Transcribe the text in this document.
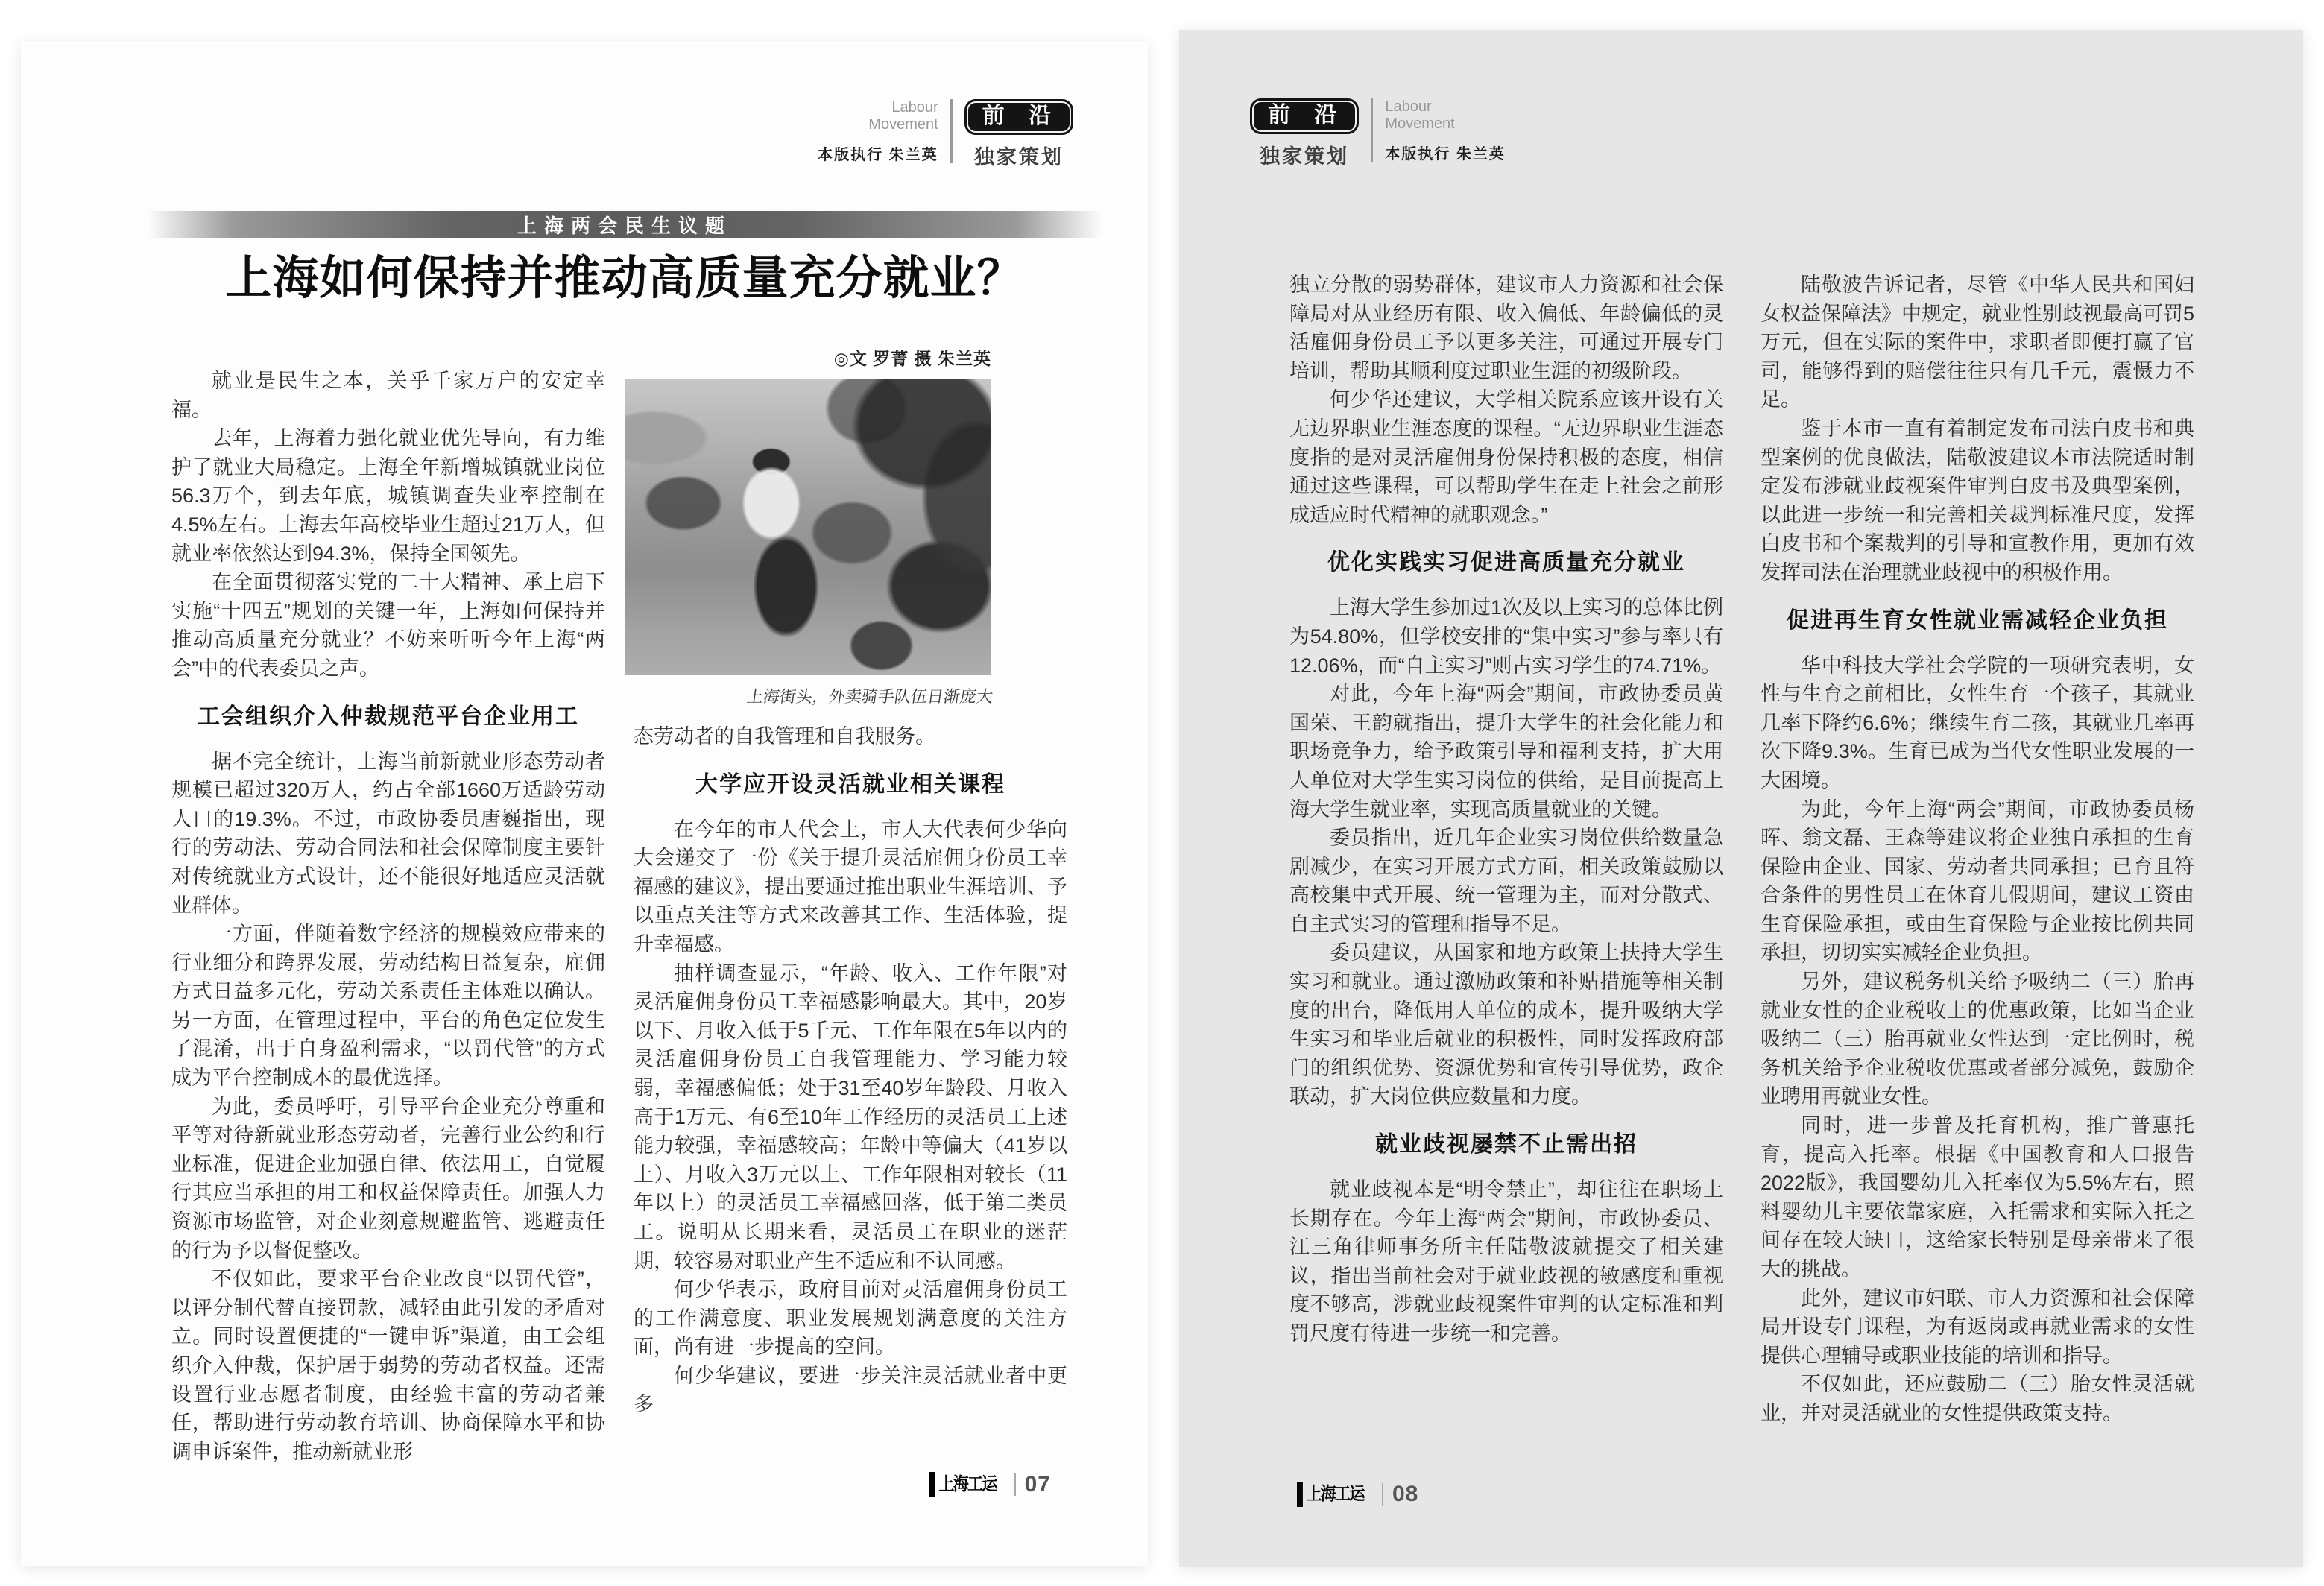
Labour
Movement
本版执行 朱兰英
前 沿
独家策划
上海两会民生议题
上海如何保持并推动高质量充分就业？

就业是民生之本，关乎千家万户的安定幸福。

去年，上海着力强化就业优先导向，有力维护了就业大局稳定。上海全年新增城镇就业岗位56.3万个，到去年底，城镇调查失业率控制在4.5%左右。上海去年高校毕业生超过21万人，但就业率依然达到94.3%，保持全国领先。

在全面贯彻落实党的二十大精神、承上启下实施“十四五”规划的关键一年，上海如何保持并推动高质量充分就业？不妨来听听今年上海“两会”中的代表委员之声。

工会组织介入仲裁规范平台企业用工

据不完全统计，上海当前新就业形态劳动者规模已超过320万人，约占全部1660万适龄劳动人口的19.3%。不过，市政协委员唐巍指出，现行的劳动法、劳动合同法和社会保障制度主要针对传统就业方式设计，还不能很好地适应灵活就业群体。

一方面，伴随着数字经济的规模效应带来的行业细分和跨界发展，劳动结构日益复杂，雇佣方式日益多元化，劳动关系责任主体难以确认。另一方面，在管理过程中，平台的角色定位发生了混淆，出于自身盈利需求，“以罚代管”的方式成为平台控制成本的最优选择。

为此，委员呼吁，引导平台企业充分尊重和平等对待新就业形态劳动者，完善行业公约和行业标准，促进企业加强自律、依法用工，自觉履行其应当承担的用工和权益保障责任。加强人力资源市场监管，对企业刻意规避监管、逃避责任的行为予以督促整改。

不仅如此，要求平台企业改良“以罚代管”，以评分制代替直接罚款，减轻由此引发的矛盾对立。同时设置便捷的“一键申诉”渠道，由工会组织介入仲裁，保护居于弱势的劳动者权益。还需设置行业志愿者制度，由经验丰富的劳动者兼任，帮助进行劳动教育培训、协商保障水平和协调申诉案件，推动新就业形

◎文 罗菁 摄 朱兰英
上海街头，外卖骑手队伍日渐庞大

态劳动者的自我管理和自我服务。

大学应开设灵活就业相关课程

在今年的市人代会上，市人大代表何少华向大会递交了一份《关于提升灵活雇佣身份员工幸福感的建议》，提出要通过推出职业生涯培训、予以重点关注等方式来改善其工作、生活体验，提升幸福感。

抽样调查显示，“年龄、收入、工作年限”对灵活雇佣身份员工幸福感影响最大。其中，20岁以下、月收入低于5千元、工作年限在5年以内的灵活雇佣身份员工自我管理能力、学习能力较弱，幸福感偏低；处于31至40岁年龄段、月收入高于1万元、有6至10年工作经历的灵活员工上述能力较强，幸福感较高；年龄中等偏大（41岁以上）、月收入3万元以上、工作年限相对较长（11年以上）的灵活员工幸福感回落，低于第二类员工。说明从长期来看，灵活员工在职业的迷茫期，较容易对职业产生不适应和不认同感。

何少华表示，政府目前对灵活雇佣身份员工的工作满意度、职业发展规划满意度的关注方面，尚有进一步提高的空间。

何少华建议，要进一步关注灵活就业者中更多

上海工运 07
前 沿
独家策划
Labour
Movement
本版执行 朱兰英

独立分散的弱势群体，建议市人力资源和社会保障局对从业经历有限、收入偏低、年龄偏低的灵活雇佣身份员工予以更多关注，可通过开展专门培训，帮助其顺利度过职业生涯的初级阶段。

何少华还建议，大学相关院系应该开设有关无边界职业生涯态度的课程。“无边界职业生涯态度指的是对灵活雇佣身份保持积极的态度，相信通过这些课程，可以帮助学生在走上社会之前形成适应时代精神的就职观念。”

优化实践实习促进高质量充分就业

上海大学生参加过1次及以上实习的总体比例为54.80%，但学校安排的“集中实习”参与率只有12.06%，而“自主实习”则占实习学生的74.71%。

对此，今年上海“两会”期间，市政协委员黄国荣、王韵就指出，提升大学生的社会化能力和职场竞争力，给予政策引导和福利支持，扩大用人单位对大学生实习岗位的供给，是目前提高上海大学生就业率，实现高质量就业的关键。

委员指出，近几年企业实习岗位供给数量急剧减少，在实习开展方式方面，相关政策鼓励以高校集中式开展、统一管理为主，而对分散式、自主式实习的管理和指导不足。

委员建议，从国家和地方政策上扶持大学生实习和就业。通过激励政策和补贴措施等相关制度的出台，降低用人单位的成本，提升吸纳大学生实习和毕业后就业的积极性，同时发挥政府部门的组织优势、资源优势和宣传引导优势，政企联动，扩大岗位供应数量和力度。

就业歧视屡禁不止需出招

就业歧视本是“明令禁止”，却往往在职场上长期存在。今年上海“两会”期间，市政协委员、江三角律师事务所主任陆敬波就提交了相关建议，指出当前社会对于就业歧视的敏感度和重视度不够高，涉就业歧视案件审判的认定标准和判罚尺度有待进一步统一和完善。

陆敬波告诉记者，尽管《中华人民共和国妇女权益保障法》中规定，就业性别歧视最高可罚5万元，但在实际的案件中，求职者即便打赢了官司，能够得到的赔偿往往只有几千元，震慑力不足。

鉴于本市一直有着制定发布司法白皮书和典型案例的优良做法，陆敬波建议本市法院适时制定发布涉就业歧视案件审判白皮书及典型案例，以此进一步统一和完善相关裁判标准尺度，发挥白皮书和个案裁判的引导和宣教作用，更加有效发挥司法在治理就业歧视中的积极作用。

促进再生育女性就业需减轻企业负担

华中科技大学社会学院的一项研究表明，女性与生育之前相比，女性生育一个孩子，其就业几率下降约6.6%；继续生育二孩，其就业几率再次下降9.3%。生育已成为当代女性职业发展的一大困境。

为此，今年上海“两会”期间，市政协委员杨晖、翁文磊、王森等建议将企业独自承担的生育保险由企业、国家、劳动者共同承担；已育且符合条件的男性员工在休育儿假期间，建议工资由生育保险承担，或由生育保险与企业按比例共同承担，切切实实减轻企业负担。

另外，建议税务机关给予吸纳二（三）胎再就业女性的企业税收上的优惠政策，比如当企业吸纳二（三）胎再就业女性达到一定比例时，税务机关给予企业税收优惠或者部分减免，鼓励企业聘用再就业女性。

同时，进一步普及托育机构，推广普惠托育，提高入托率。根据《中国教育和人口报告2022版》，我国婴幼儿入托率仅为5.5%左右，照料婴幼儿主要依靠家庭，入托需求和实际入托之间存在较大缺口，这给家长特别是母亲带来了很大的挑战。

此外，建议市妇联、市人力资源和社会保障局开设专门课程，为有返岗或再就业需求的女性提供心理辅导或职业技能的培训和指导。

不仅如此，还应鼓励二（三）胎女性灵活就业，并对灵活就业的女性提供政策支持。

上海工运 08
